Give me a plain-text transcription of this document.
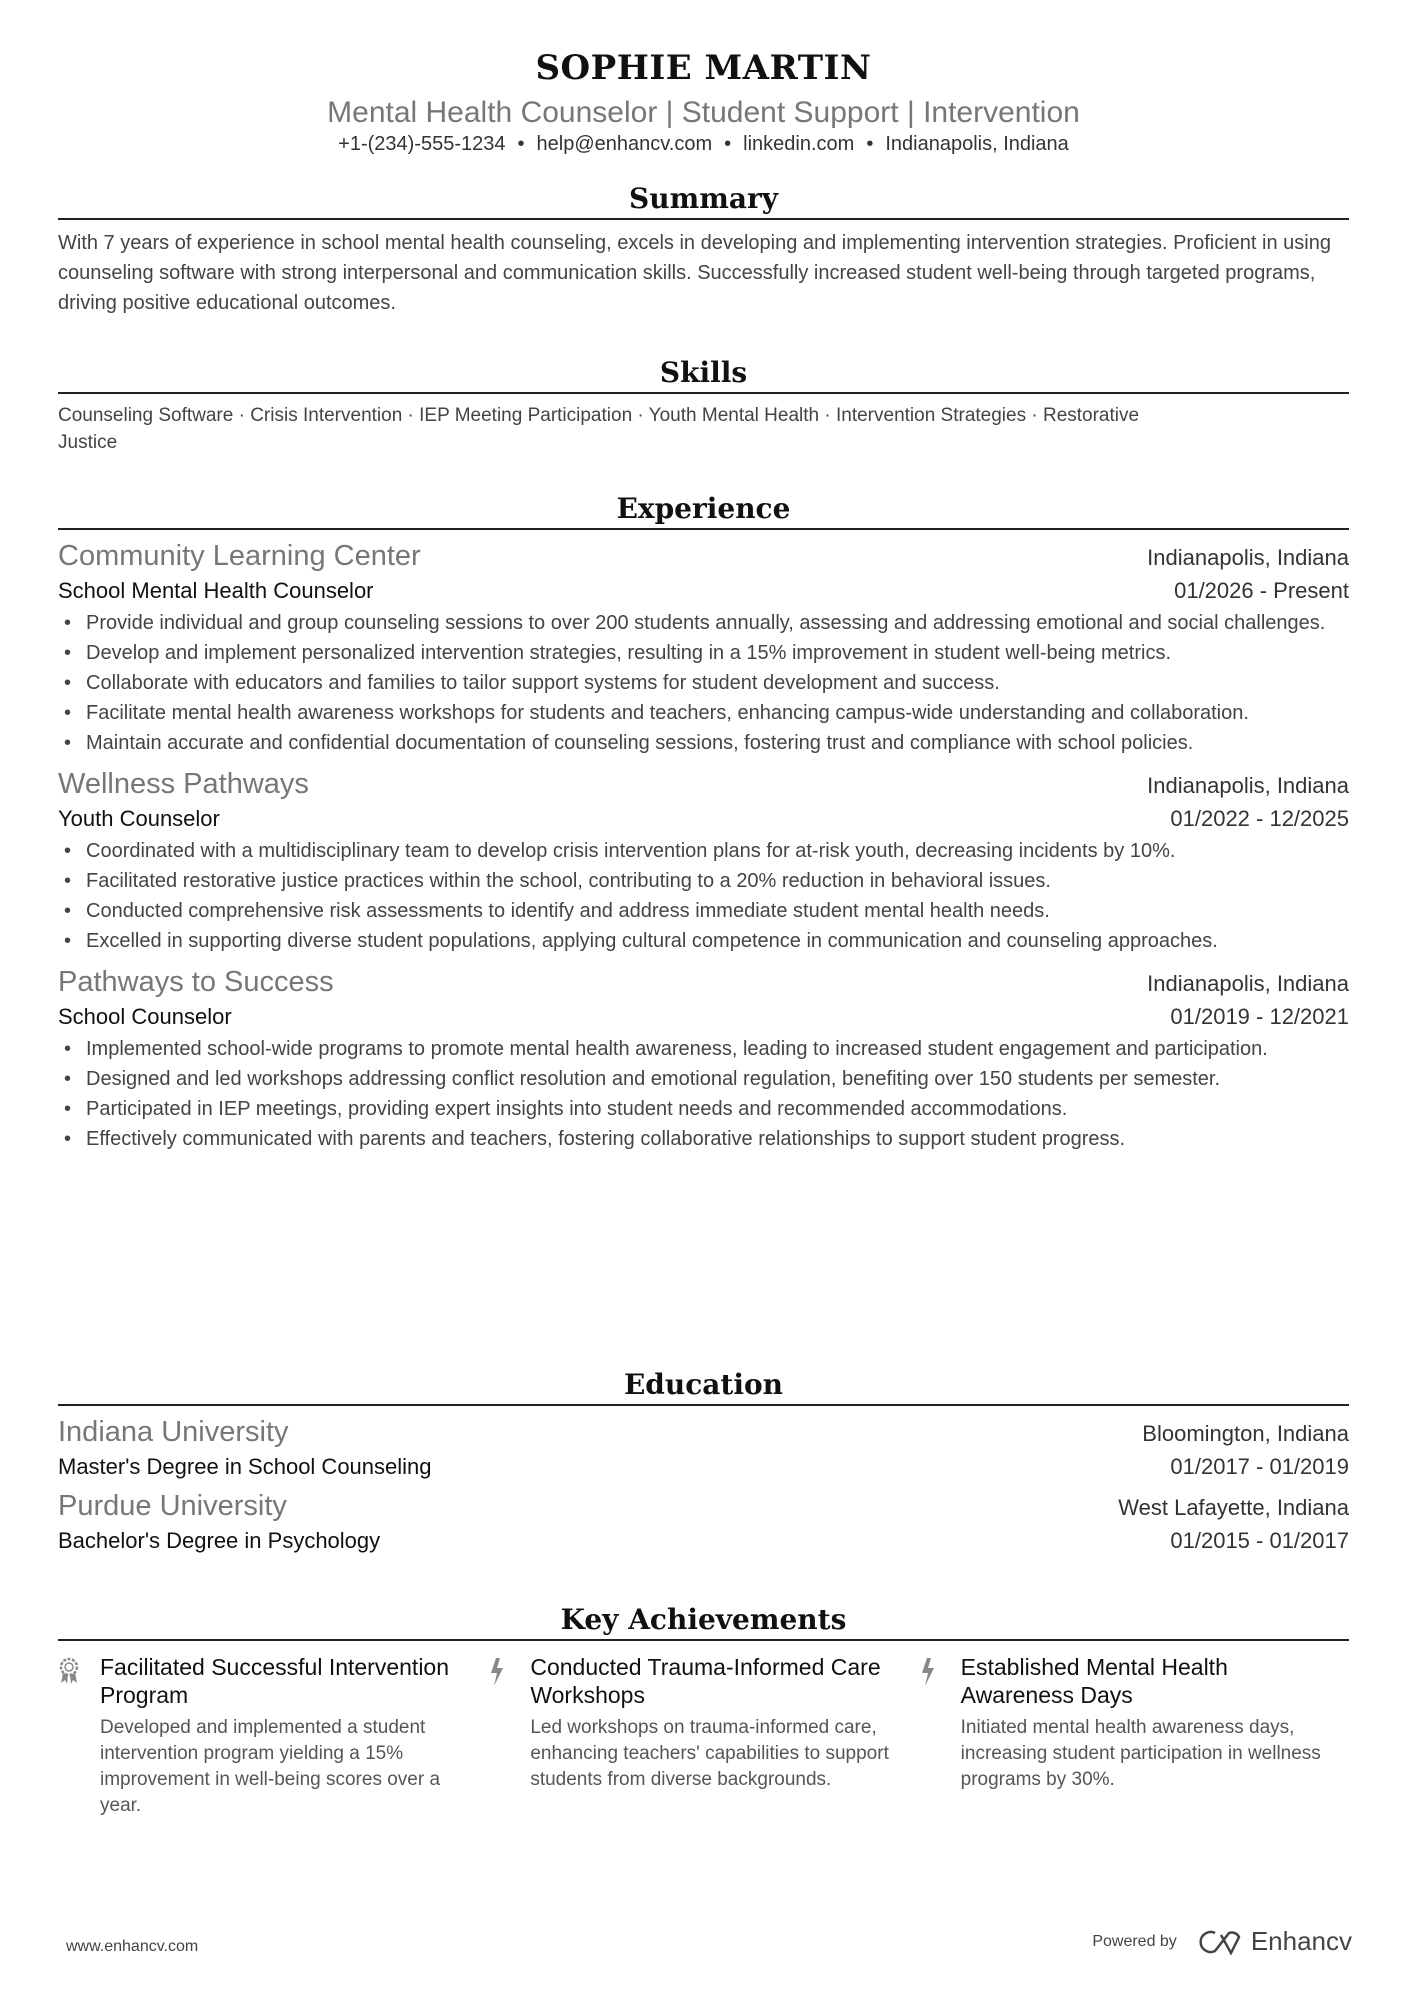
SOPHIE MARTIN
Mental Health Counselor | Student Support | Intervention
+1-(234)-555-1234 • help@enhancv.com • linkedin.com • Indianapolis, Indiana
Summary
With 7 years of experience in school mental health counseling, excels in developing and implementing intervention strategies. Proficient in using counseling software with strong interpersonal and communication skills. Successfully increased student well-being through targeted programs, driving positive educational outcomes.
Skills
Counseling Software · Crisis Intervention · IEP Meeting Participation · Youth Mental Health · Intervention Strategies · Restorative Justice
Experience
Community Learning Center	Indianapolis, Indiana
School Mental Health Counselor	01/2026 - Present
• Provide individual and group counseling sessions to over 200 students annually, assessing and addressing emotional and social challenges.
• Develop and implement personalized intervention strategies, resulting in a 15% improvement in student well-being metrics.
• Collaborate with educators and families to tailor support systems for student development and success.
• Facilitate mental health awareness workshops for students and teachers, enhancing campus-wide understanding and collaboration.
• Maintain accurate and confidential documentation of counseling sessions, fostering trust and compliance with school policies.
Wellness Pathways	Indianapolis, Indiana
Youth Counselor	01/2022 - 12/2025
• Coordinated with a multidisciplinary team to develop crisis intervention plans for at-risk youth, decreasing incidents by 10%.
• Facilitated restorative justice practices within the school, contributing to a 20% reduction in behavioral issues.
• Conducted comprehensive risk assessments to identify and address immediate student mental health needs.
• Excelled in supporting diverse student populations, applying cultural competence in communication and counseling approaches.
Pathways to Success	Indianapolis, Indiana
School Counselor	01/2019 - 12/2021
• Implemented school-wide programs to promote mental health awareness, leading to increased student engagement and participation.
• Designed and led workshops addressing conflict resolution and emotional regulation, benefiting over 150 students per semester.
• Participated in IEP meetings, providing expert insights into student needs and recommended accommodations.
• Effectively communicated with parents and teachers, fostering collaborative relationships to support student progress.
Education
Indiana University	Bloomington, Indiana
Master's Degree in School Counseling	01/2017 - 01/2019
Purdue University	West Lafayette, Indiana
Bachelor's Degree in Psychology	01/2015 - 01/2017
Key Achievements
Facilitated Successful Intervention Program
Developed and implemented a student intervention program yielding a 15% improvement in well-being scores over a year.
Conducted Trauma-Informed Care Workshops
Led workshops on trauma-informed care, enhancing teachers' capabilities to support students from diverse backgrounds.
Established Mental Health Awareness Days
Initiated mental health awareness days, increasing student participation in wellness programs by 30%.
www.enhancv.com	Powered by	Enhancv
